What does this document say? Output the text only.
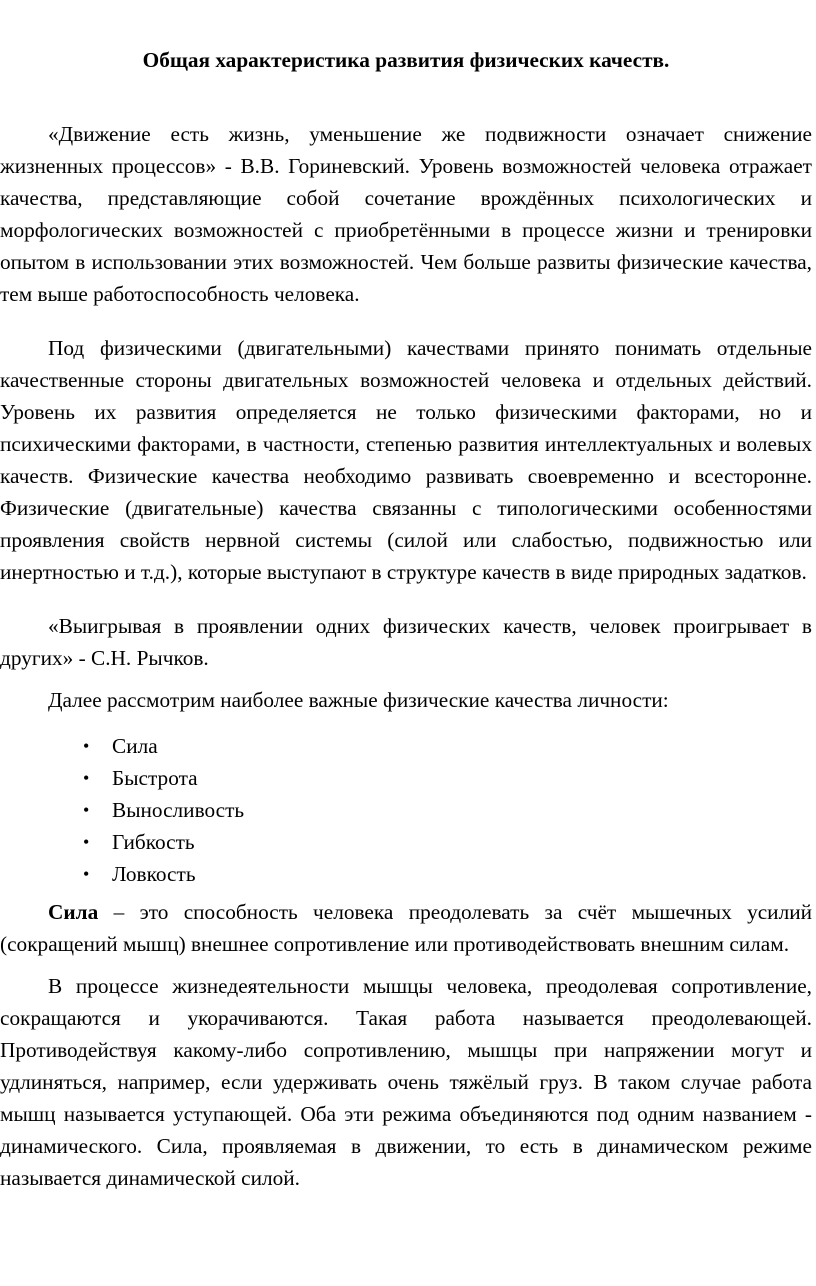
Общая характеристика развития физических качеств.

«Движение есть жизнь, уменьшение же подвижности означает снижение жизненных процессов» - В.В. Гориневский. Уровень возможностей человека отражает качества, представляющие собой сочетание врождённых психологических и морфологических возможностей с приобретёнными в процессе жизни и тренировки опытом в использовании этих возможностей. Чем больше развиты физические качества, тем выше работоспособность человека.

Под физическими (двигательными) качествами принято понимать отдельные качественные стороны двигательных возможностей человека и отдельных действий. Уровень их развития определяется не только физическими факторами, но и психическими факторами, в частности, степенью развития интеллектуальных и волевых качеств. Физические качества необходимо развивать своевременно и всесторонне. Физические (двигательные) качества связанны с типологическими особенностями проявления свойств нервной системы (силой или слабостью, подвижностью или инертностью и т.д.), которые выступают в структуре качеств в виде природных задатков.

«Выигрывая в проявлении одних физических качеств, человек проигрывает в других» - С.Н. Рычков.

Далее рассмотрим наиболее важные физические качества личности:

• Сила
• Быстрота
• Выносливость
• Гибкость
• Ловкость

Сила – это способность человека преодолевать за счёт мышечных усилий (сокращений мышц) внешнее сопротивление или противодействовать внешним силам.

В процессе жизнедеятельности мышцы человека, преодолевая сопротивление, сокращаются и укорачиваются. Такая работа называется преодолевающей. Противодействуя какому-либо сопротивлению, мышцы при напряжении могут и удлиняться, например, если удерживать очень тяжёлый груз. В таком случае работа мышц называется уступающей. Оба эти режима объединяются под одним названием - динамического. Сила, проявляемая в движении, то есть в динамическом режиме называется динамической силой.
